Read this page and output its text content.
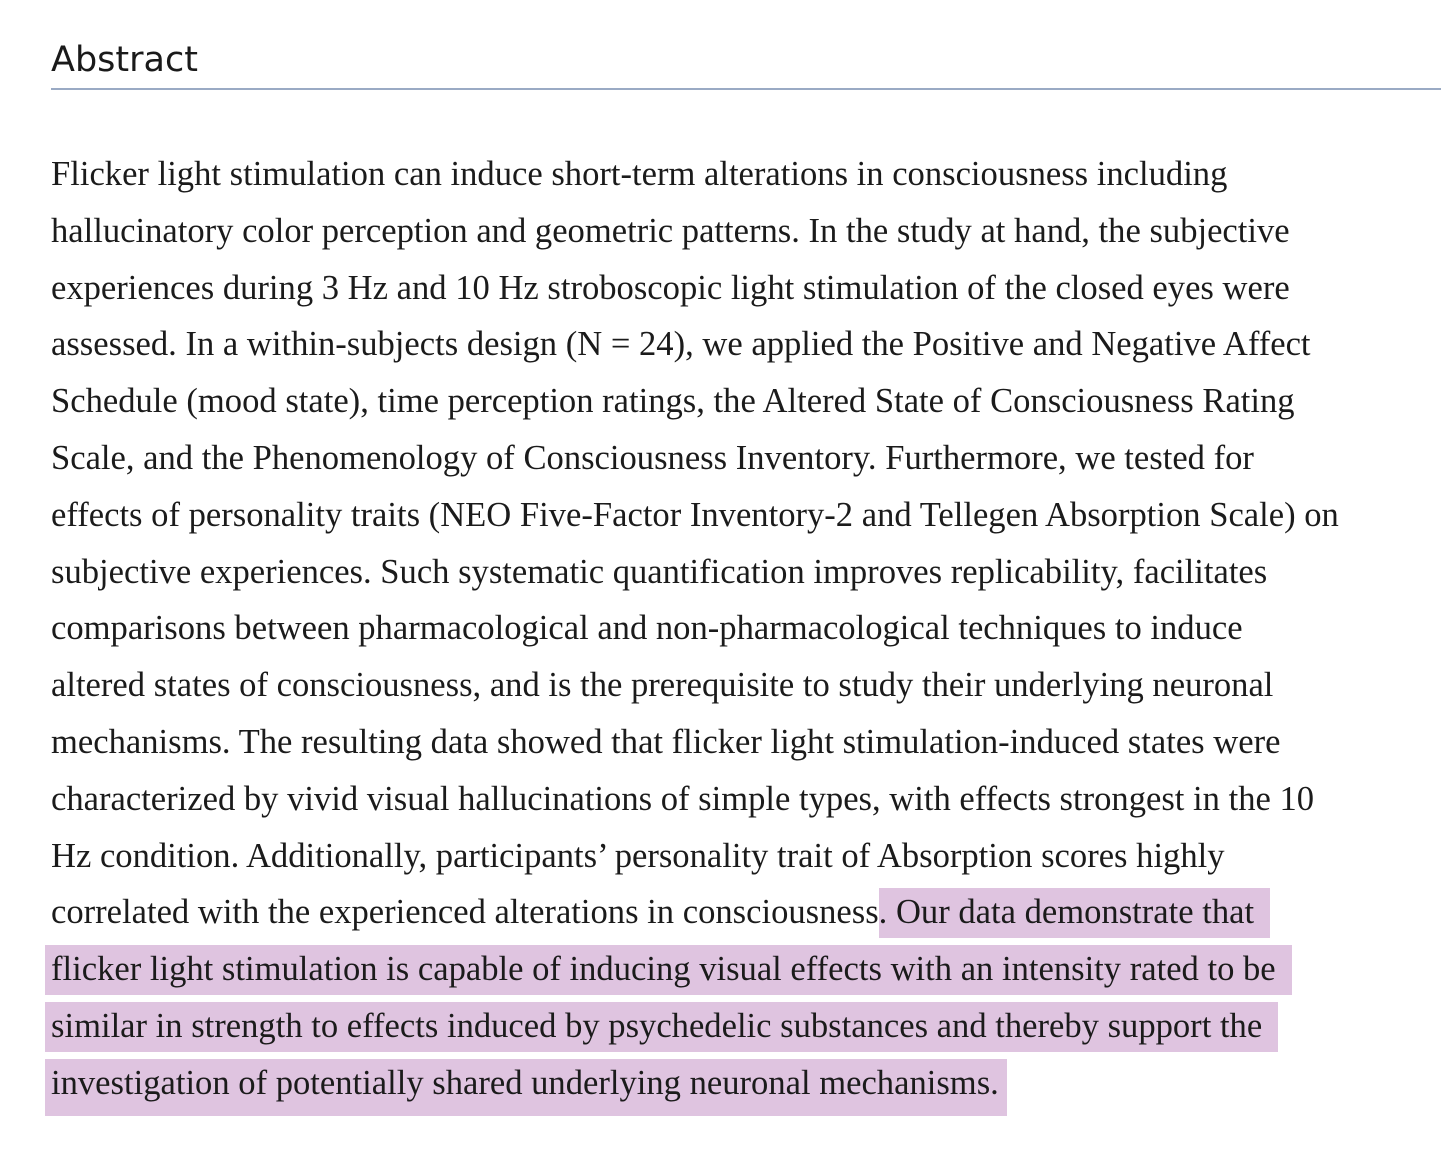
Abstract
Flicker light stimulation can induce short-term alterations in consciousness including
hallucinatory color perception and geometric patterns. In the study at hand, the subjective
experiences during 3 Hz and 10 Hz stroboscopic light stimulation of the closed eyes were
assessed. In a within-subjects design (N = 24), we applied the Positive and Negative Affect
Schedule (mood state), time perception ratings, the Altered State of Consciousness Rating
Scale, and the Phenomenology of Consciousness Inventory. Furthermore, we tested for
effects of personality traits (NEO Five-Factor Inventory-2 and Tellegen Absorption Scale) on
subjective experiences. Such systematic quantification improves replicability, facilitates
comparisons between pharmacological and non-pharmacological techniques to induce
altered states of consciousness, and is the prerequisite to study their underlying neuronal
mechanisms. The resulting data showed that flicker light stimulation-induced states were
characterized by vivid visual hallucinations of simple types, with effects strongest in the 10
Hz condition. Additionally, participants’ personality trait of Absorption scores highly
correlated with the experienced alterations in consciousness. Our data demonstrate that
flicker light stimulation is capable of inducing visual effects with an intensity rated to be
similar in strength to effects induced by psychedelic substances and thereby support the
investigation of potentially shared underlying neuronal mechanisms.
